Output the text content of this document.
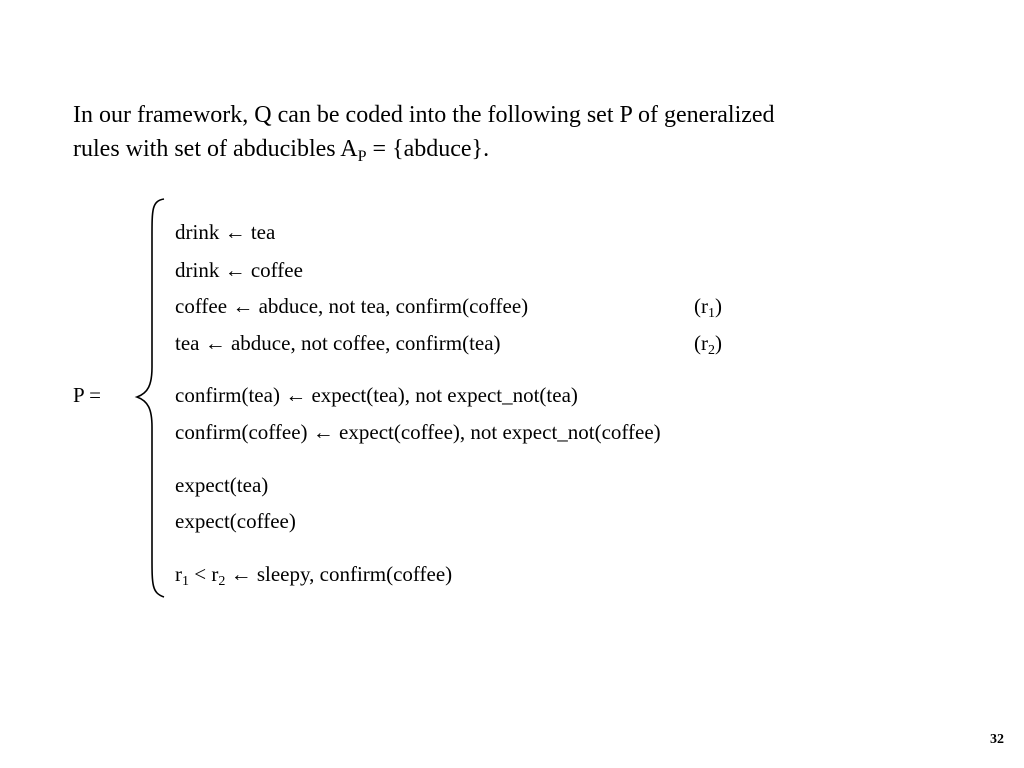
In our framework, Q can be coded into the following set P of generalized
rules with set of abducibles $A_P$ = {abduce}.
P =
drink ← tea
drink ← coffee
coffee ← abduce, not tea, confirm(coffee)	$(r_1)$
tea ← abduce, not coffee, confirm(tea)	$(r_2)$
confirm(tea) ← expect(tea), not expect_not(tea)
confirm(coffee) ← expect(coffee), not expect_not(coffee)
expect(tea)
expect(coffee)
$r_1 < r_2$ ← sleepy, confirm(coffee)
32
